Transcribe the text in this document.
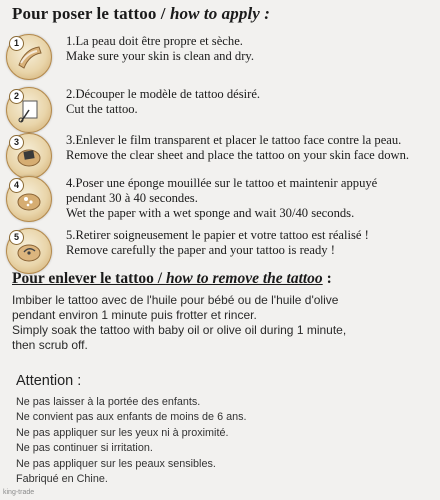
Pour poser le tattoo / how to apply :
1	1.La peau doit être propre et sèche.
Make sure your skin is clean and dry.
2	2.Découper le modèle de tattoo désiré.
Cut the tattoo.
3	3.Enlever le film transparent et placer le tattoo face contre la peau.
Remove the clear sheet and place the tattoo on your skin face down.
4	4.Poser une éponge mouillée sur le tattoo et maintenir appuyé
pendant 30 à 40 secondes.
Wet the paper with a wet sponge and wait 30/40 seconds.
5	5.Retirer soigneusement le papier et votre tattoo est réalisé !
Remove carefully the paper and your tattoo is ready !
Pour enlever le tattoo / how to remove the tattoo :
Imbiber le tattoo avec de l'huile pour bébé ou de l'huile d'olive
pendant environ 1 minute puis frotter et rincer.
Simply soak the tattoo with baby oil or olive oil during 1 minute,
then scrub off.
Attention :
Ne pas laisser à la portée des enfants.
Ne convient pas aux enfants de moins de 6 ans.
Ne pas appliquer sur les yeux ni à proximité.
Ne pas continuer si irritation.
Ne pas appliquer sur les peaux sensibles.
Fabriqué en Chine.
king-trade
